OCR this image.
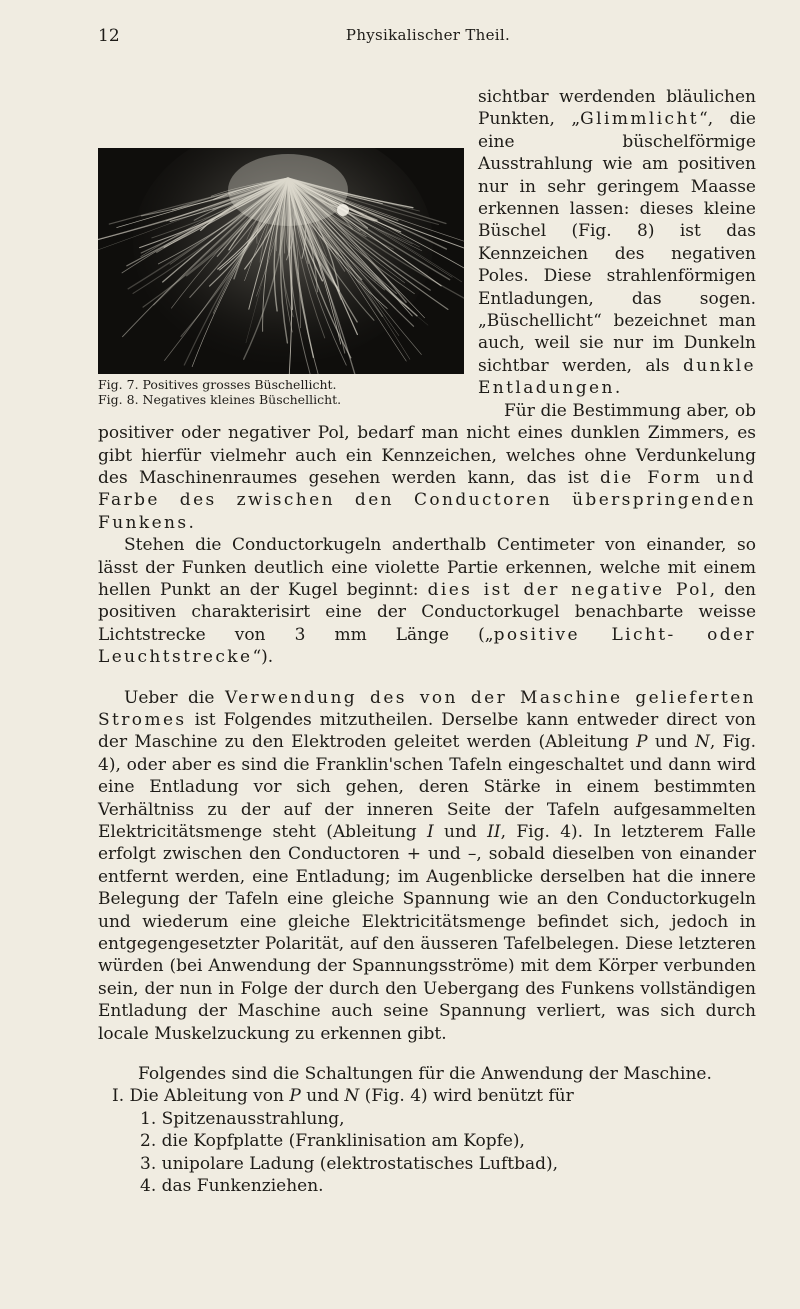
12	Physikalischer Theil.
Fig. 7. Positives grosses Büschellicht.
Fig. 8. Negatives kleines Büschellicht.

sichtbar werdenden bläulichen Punkten, „Glimmlicht“, die eine büschelförmige Ausstrahlung wie am positiven nur in sehr geringem Maasse erkennen lassen: dieses kleine Büschel (Fig. 8) ist das Kennzeichen des negativen Poles. Diese strahlenförmigen Entladungen, das sogen. „Büschellicht“ bezeichnet man auch, weil sie nur im Dunkeln sichtbar werden, als dunkle Entladungen.

Für die Bestimmung aber, ob positiver oder negativer Pol, bedarf man nicht eines dunklen Zimmers, es gibt hierfür vielmehr auch ein Kennzeichen, welches ohne Verdunkelung des Maschinenraumes gesehen werden kann, das ist die Form und Farbe des zwischen den Conductoren überspringenden Funkens.

Stehen die Conductorkugeln anderthalb Centimeter von einander, so lässt der Funken deutlich eine violette Partie erkennen, welche mit einem hellen Punkt an der Kugel beginnt: dies ist der negative Pol, den positiven charakterisirt eine der Conductorkugel benachbarte weisse Lichtstrecke von 3 mm Länge („positive Licht- oder Leuchtstrecke“).

Ueber die Verwendung des von der Maschine gelieferten Stromes ist Folgendes mitzutheilen. Derselbe kann entweder direct von der Maschine zu den Elektroden geleitet werden (Ableitung P und N, Fig. 4), oder aber es sind die Franklin'schen Tafeln eingeschaltet und dann wird eine Entladung vor sich gehen, deren Stärke in einem bestimmten Verhältniss zu der auf der inneren Seite der Tafeln aufgesammelten Elektricitätsmenge steht (Ableitung I und II, Fig. 4). In letzterem Falle erfolgt zwischen den Conductoren + und –, sobald dieselben von einander entfernt werden, eine Entladung; im Augenblicke derselben hat die innere Belegung der Tafeln eine gleiche Spannung wie an den Conductorkugeln und wiederum eine gleiche Elektricitätsmenge befindet sich, jedoch in entgegengesetzter Polarität, auf den äusseren Tafelbelegen. Diese letzteren würden (bei Anwendung der Spannungsströme) mit dem Körper verbunden sein, der nun in Folge der durch den Uebergang des Funkens vollständigen Entladung der Maschine auch seine Spannung verliert, was sich durch locale Muskelzuckung zu erkennen gibt.

Folgendes sind die Schaltungen für die Anwendung der Maschine.

I. Die Ableitung von P und N (Fig. 4) wird benützt für

1. Spitzenausstrahlung,

2. die Kopfplatte (Franklinisation am Kopfe),

3. unipolare Ladung (elektrostatisches Luftbad),

4. das Funkenziehen.
